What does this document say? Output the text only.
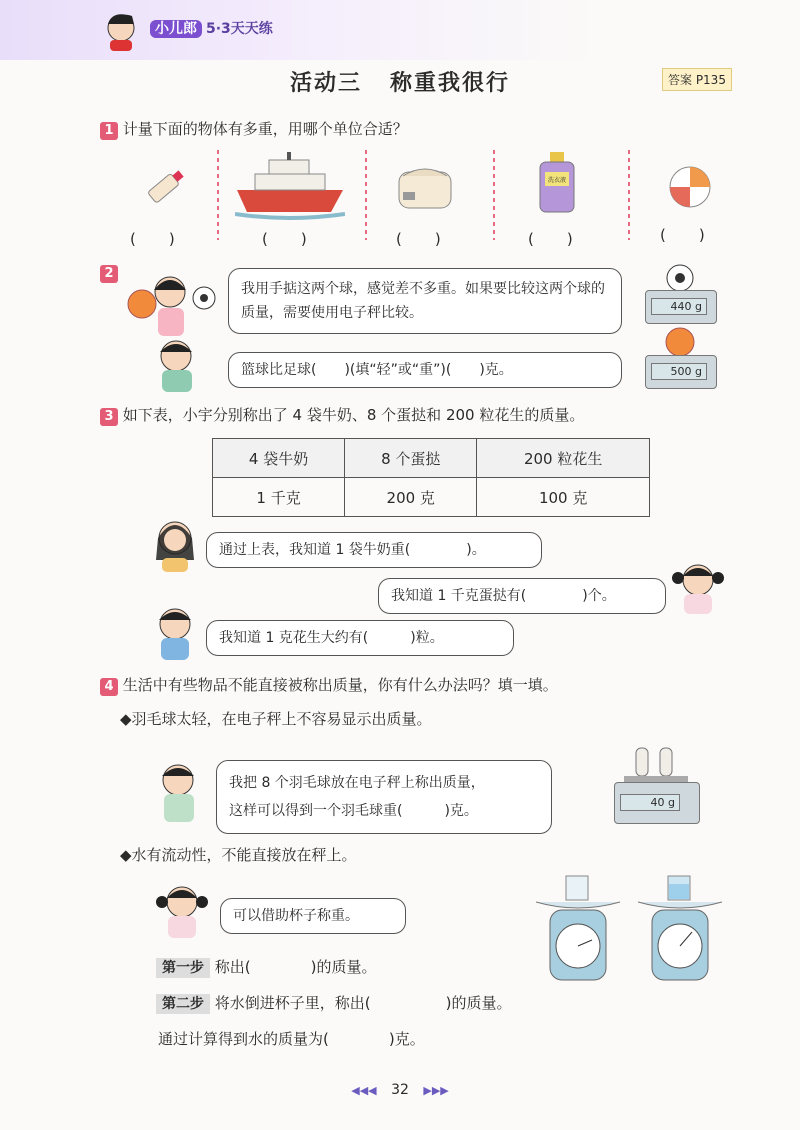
小儿郎 5·3天天练
活动三 称重我很行	答案 P135
1 计量下面的物体有多重，用哪个单位合适？
洗衣液
(　　)	(　　)	(　　)	(　　)	(　　)
2
我用手掂这两个球，感觉差不多重。如果要比较这两个球的质量，需要使用电子秤比较。
篮球比足球(　　)(填“轻”或“重”)(　　)克。
440 g
500 g
3 如下表，小宇分别称出了 4 袋牛奶、8 个蛋挞和 200 粒花生的质量。
4 袋牛奶	8 个蛋挞	200 粒花生
1 千克	200 克	100 克
通过上表，我知道 1 袋牛奶重(　　　　)。
我知道 1 千克蛋挞有(　　　　)个。
我知道 1 克花生大约有(　　　)粒。
4 生活中有些物品不能直接被称出质量，你有什么办法吗？填一填。
◆羽毛球太轻，在电子秤上不容易显示出质量。
我把 8 个羽毛球放在电子秤上称出质量，
这样可以得到一个羽毛球重(　　　)克。
40 g
◆水有流动性，不能直接放在秤上。
可以借助杯子称重。
第一步 称出(　　　　)的质量。
第二步 将水倒进杯子里，称出(　　　　　)的质量。
通过计算得到水的质量为(　　　　)克。
◀◀◀ 32 ▶▶▶
